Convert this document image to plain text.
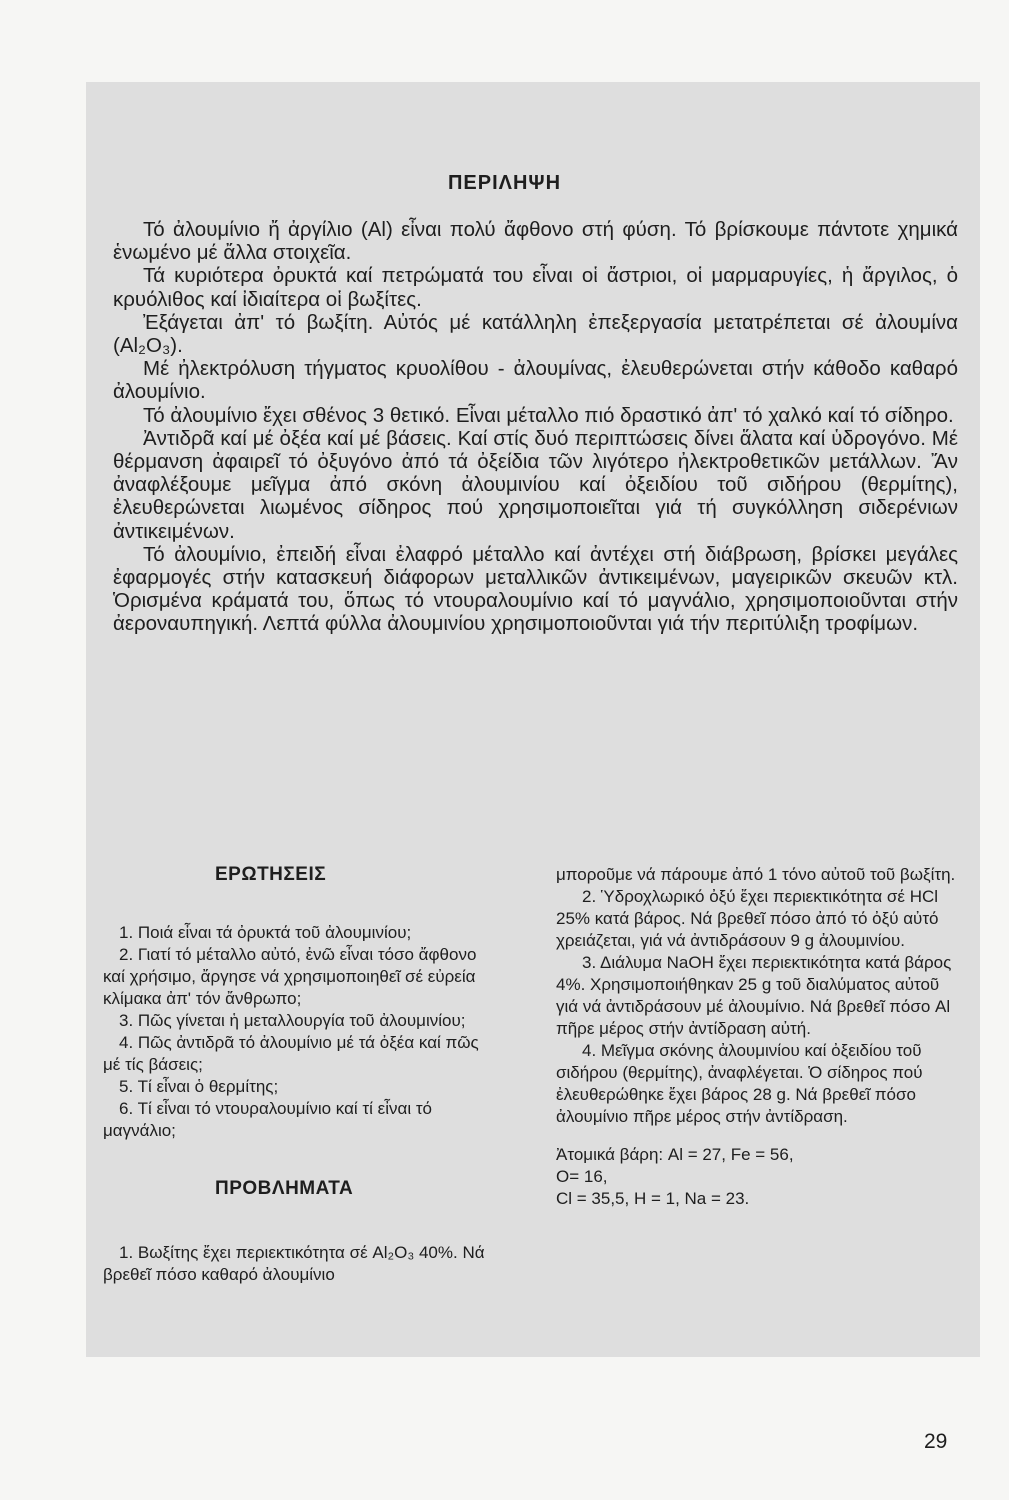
ΠΕΡΙΛΗΨΗ

Τό ἀλουμίνιο ἤ ἀργίλιο (Al) εἶναι πολύ ἄφθονο στή φύση. Τό βρίσκουμε πάντοτε χημικά ἑνωμένο μέ ἄλλα στοιχεῖα.

Τά κυριότερα ὀρυκτά καί πετρώματά του εἶναι οἱ ἄστριοι, οἱ μαρμαρυγίες, ἡ ἄργιλος, ὁ κρυόλιθος καί ἰδιαίτερα οἱ βωξίτες.

Ἐξάγεται ἀπ' τό βωξίτη. Αὐτός μέ κατάλληλη ἐπεξεργασία μετατρέπεται σέ ἀλουμίνα (Al₂O₃).

Μέ ἠλεκτρόλυση τήγματος κρυολίθου - ἀλουμίνας, ἐλευθερώνεται στήν κάθοδο καθαρό ἀλουμίνιο.

Τό ἀλουμίνιο ἔχει σθένος 3 θετικό. Εἶναι μέταλλο πιό δραστικό ἀπ' τό χαλκό καί τό σίδηρο.

Ἀντιδρᾶ καί μέ ὀξέα καί μέ βάσεις. Καί στίς δυό περιπτώσεις δίνει ἅλατα καί ὑδρογόνο. Μέ θέρμανση ἀφαιρεῖ τό ὀξυγόνο ἀπό τά ὀξείδια τῶν λιγότερο ἠλεκτροθετικῶν μετάλλων. Ἄν ἀναφλέξουμε μεῖγμα ἀπό σκόνη ἀλουμινίου καί ὀξειδίου τοῦ σιδήρου (θερμίτης), ἐλευθερώνεται λιωμένος σίδηρος πού χρησιμοποιεῖται γιά τή συγκόλληση σιδερένιων ἀντικειμένων.

Τό ἀλουμίνιο, ἐπειδή εἶναι ἐλαφρό μέταλλο καί ἀντέχει στή διάβρωση, βρίσκει μεγάλες ἐφαρμογές στήν κατασκευή διάφορων μεταλλικῶν ἀντικειμένων, μαγειρικῶν σκευῶν κτλ. Ὁρισμένα κράματά του, ὅπως τό ντουραλουμίνιο καί τό μαγνάλιο, χρησιμοποιοῦνται στήν ἀεροναυπηγική. Λεπτά φύλλα ἀλουμινίου χρησιμοποιοῦνται γιά τήν περιτύλιξη τροφίμων.

ΕΡΩΤΗΣΕΙΣ

1. Ποιά εἶναι τά ὀρυκτά τοῦ ἀλουμινίου;

2. Γιατί τό μέταλλο αὐτό, ἐνῶ εἶναι τόσο ἄφθονο καί χρήσιμο, ἄργησε νά χρησιμοποιηθεῖ σέ εὐρεία κλίμακα ἀπ' τόν ἄνθρωπο;

3. Πῶς γίνεται ἡ μεταλλουργία τοῦ ἀλουμινίου;

4. Πῶς ἀντιδρᾶ τό ἀλουμίνιο μέ τά ὀξέα καί πῶς μέ τίς βάσεις;

5. Τί εἶναι ὁ θερμίτης;

6. Τί εἶναι τό ντουραλουμίνιο καί τί εἶναι τό μαγνάλιο;

ΠΡΟΒΛΗΜΑΤΑ

1. Βωξίτης ἔχει περιεκτικότητα σέ Al₂O₃ 40%. Νά βρεθεῖ πόσο καθαρό ἀλουμίνιο

μποροῦμε νά πάρουμε ἀπό 1 τόνο αὐτοῦ τοῦ βωξίτη.

2. Ὑδροχλωρικό ὀξύ ἔχει περιεκτικότητα σέ HCl 25% κατά βάρος. Νά βρεθεῖ πόσο ἀπό τό ὀξύ αὐτό χρειάζεται, γιά νά ἀντιδράσουν 9 g ἀλουμινίου.

3. Διάλυμα NaOH ἔχει περιεκτικότητα κατά βάρος 4%. Χρησιμοποιήθηκαν 25 g τοῦ διαλύματος αὐτοῦ γιά νά ἀντιδράσουν μέ ἀλουμίνιο. Νά βρεθεῖ πόσο Al πῆρε μέρος στήν ἀντίδραση αὐτή.

4. Μεῖγμα σκόνης ἀλουμινίου καί ὀξειδίου τοῦ σιδήρου (θερμίτης), ἀναφλέγεται. Ὁ σίδηρος πού ἐλευθερώθηκε ἔχει βάρος 28 g. Νά βρεθεῖ πόσο ἀλουμίνιο πῆρε μέρος στήν ἀντίδραση.

Ἀτομικά βάρη: Al = 27, Fe = 56,

O= 16,

Cl = 35,5, H = 1, Na = 23.

29
